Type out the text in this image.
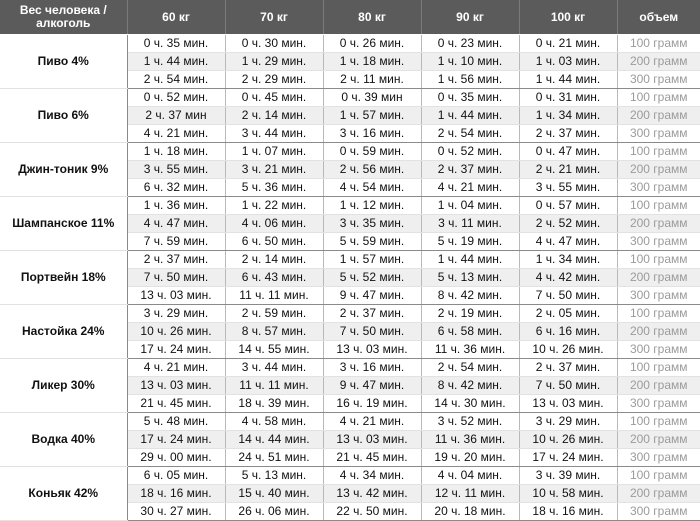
Вес человека / алкоголь	60 кг	70 кг	80 кг	90 кг	100 кг	объем
Пиво 4%	0 ч. 35 мин.	0 ч. 30 мин.	0 ч. 26 мин.	0 ч. 23 мин.	0 ч. 21 мин.	100 грамм
	1 ч. 44 мин.	1 ч. 29 мин.	1 ч. 18 мин.	1 ч. 10 мин.	1 ч. 03 мин.	200 грамм
	2 ч. 54 мин.	2 ч. 29 мин.	2 ч. 11 мин.	1 ч. 56 мин.	1 ч. 44 мин.	300 грамм
Пиво 6%	0 ч. 52 мин.	0 ч. 45 мин.	0 ч. 39 мин	0 ч. 35 мин.	0 ч. 31 мин.	100 грамм
	2 ч. 37 мин	2 ч. 14 мин.	1 ч. 57 мин.	1 ч. 44 мин.	1 ч. 34 мин.	200 грамм
	4 ч. 21 мин.	3 ч. 44 мин.	3 ч. 16 мин.	2 ч. 54 мин.	2 ч. 37 мин.	300 грамм
Джин-тоник 9%	1 ч. 18 мин.	1 ч. 07 мин.	0 ч. 59 мин.	0 ч. 52 мин.	0 ч. 47 мин.	100 грамм
	3 ч. 55 мин.	3 ч. 21 мин.	2 ч. 56 мин.	2 ч. 37 мин.	2 ч. 21 мин.	200 грамм
	6 ч. 32 мин.	5 ч. 36 мин.	4 ч. 54 мин.	4 ч. 21 мин.	3 ч. 55 мин.	300 грамм
Шампанское 11%	1 ч. 36 мин.	1 ч. 22 мин.	1 ч. 12 мин.	1 ч. 04 мин.	0 ч. 57 мин.	100 грамм
	4 ч. 47 мин.	4 ч. 06 мин.	3 ч. 35 мин.	3 ч. 11 мин.	2 ч. 52 мин.	200 грамм
	7 ч. 59 мин.	6 ч. 50 мин.	5 ч. 59 мин.	5 ч. 19 мин.	4 ч. 47 мин.	300 грамм
Портвейн 18%	2 ч. 37 мин.	2 ч. 14 мин.	1 ч. 57 мин.	1 ч. 44 мин.	1 ч. 34 мин.	100 грамм
	7 ч. 50 мин.	6 ч. 43 мин.	5 ч. 52 мин.	5 ч. 13 мин.	4 ч. 42 мин.	200 грамм
	13 ч. 03 мин.	11 ч. 11 мин.	9 ч. 47 мин.	8 ч. 42 мин.	7 ч. 50 мин.	300 грамм
Настойка 24%	3 ч. 29 мин.	2 ч. 59 мин.	2 ч. 37 мин.	2 ч. 19 мин.	2 ч. 05 мин.	100 грамм
	10 ч. 26 мин.	8 ч. 57 мин.	7 ч. 50 мин.	6 ч. 58 мин.	6 ч. 16 мин.	200 грамм
	17 ч. 24 мин.	14 ч. 55 мин.	13 ч. 03 мин.	11 ч. 36 мин.	10 ч. 26 мин.	300 грамм
Ликер 30%	4 ч. 21 мин.	3 ч. 44 мин.	3 ч. 16 мин.	2 ч. 54 мин.	2 ч. 37 мин.	100 грамм
	13 ч. 03 мин.	11 ч. 11 мин.	9 ч. 47 мин.	8 ч. 42 мин.	7 ч. 50 мин.	200 грамм
	21 ч. 45 мин.	18 ч. 39 мин.	16 ч. 19 мин.	14 ч. 30 мин.	13 ч. 03 мин.	300 грамм
Водка 40%	5 ч. 48 мин.	4 ч. 58 мин.	4 ч. 21 мин.	3 ч. 52 мин.	3 ч. 29 мин.	100 грамм
	17 ч. 24 мин.	14 ч. 44 мин.	13 ч. 03 мин.	11 ч. 36 мин.	10 ч. 26 мин.	200 грамм
	29 ч. 00 мин.	24 ч. 51 мин.	21 ч. 45 мин.	19 ч. 20 мин.	17 ч. 24 мин.	300 грамм
Коньяк 42%	6 ч. 05 мин.	5 ч. 13 мин.	4 ч. 34 мин.	4 ч. 04 мин.	3 ч. 39 мин.	100 грамм
	18 ч. 16 мин.	15 ч. 40 мин.	13 ч. 42 мин.	12 ч. 11 мин.	10 ч. 58 мин.	200 грамм
	30 ч. 27 мин.	26 ч. 06 мин.	22 ч. 50 мин.	20 ч. 18 мин.	18 ч. 16 мин.	300 грамм
